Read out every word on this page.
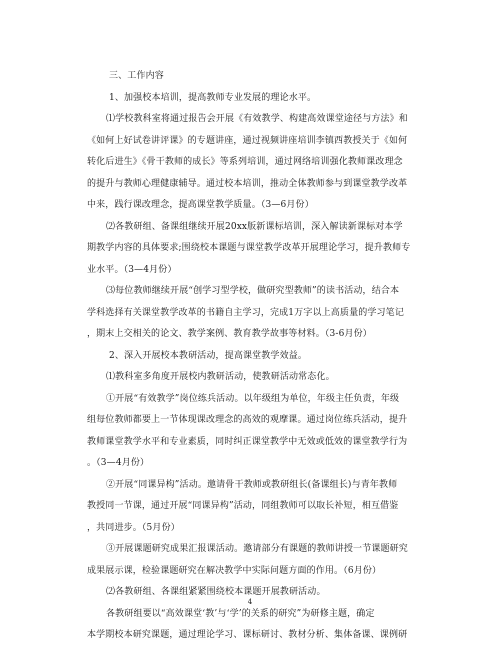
三、工作内容
1、加强校本培训，提高教师专业发展的理论水平。
⑴学校教科室将通过报告会开展《有效教学、构建高效课堂途径与方法》和
《如何上好试卷讲评课》的专题讲座，通过视频讲座培训李镇西教授关于《如何
转化后进生》《骨干教师的成长》等系列培训，通过网络培训强化教师课改理念
的提升与教师心理健康辅导。通过校本培训，推动全体教师参与到课堂教学改革
中来，践行课改理念，提高课堂教学质量。（3—6月份）
⑵各教研组、备课组继续开展20xx版新课标培训，深入解读新课标对本学
期教学内容的具体要求;围绕校本课题与课堂教学改革开展理论学习，提升教师专
业水平。（3—4月份）
⑶每位教师继续开展“创学习型学校，做研究型教师”的读书活动，结合本
学科选择有关课堂教学改革的书籍自主学习，完成1万字以上高质量的学习笔记
，期末上交相关的论文、教学案例、教育教学故事等材料。（3-6月份）
2、深入开展校本教研活动，提高课堂教学效益。
⑴教科室多角度开展校内教研活动，使教研活动常态化。
①开展“有效教学”岗位练兵活动。以年级组为单位，年级主任负责，年级
组每位教师都要上一节体现课改理念的高效的观摩课。通过岗位练兵活动，提升
教师课堂教学水平和专业素质，同时纠正课堂教学中无效或低效的课堂教学行为
。（3—4月份）
②开展“同课异构”活动。邀请骨干教师或教研组长(备课组长)与青年教师
教授同一节课，通过开展“同课异构”活动，同组教师可以取长补短，相互借鉴
，共同进步。（5月份）
③开展课题研究成果汇报课活动。邀请部分有课题的教师讲授一节课题研究
成果展示课，检验课题研究在解决教学中实际问题方面的作用。（6月份）
⑵各教研组、各课组紧紧围绕校本课题开展教研活动。
各教研组要以“高效课堂‘教’与‘学’的关系的研究”为研修主题，确定
本学期校本研究课题，通过理论学习、课标研讨、教材分析、集体备课、课例研
4
